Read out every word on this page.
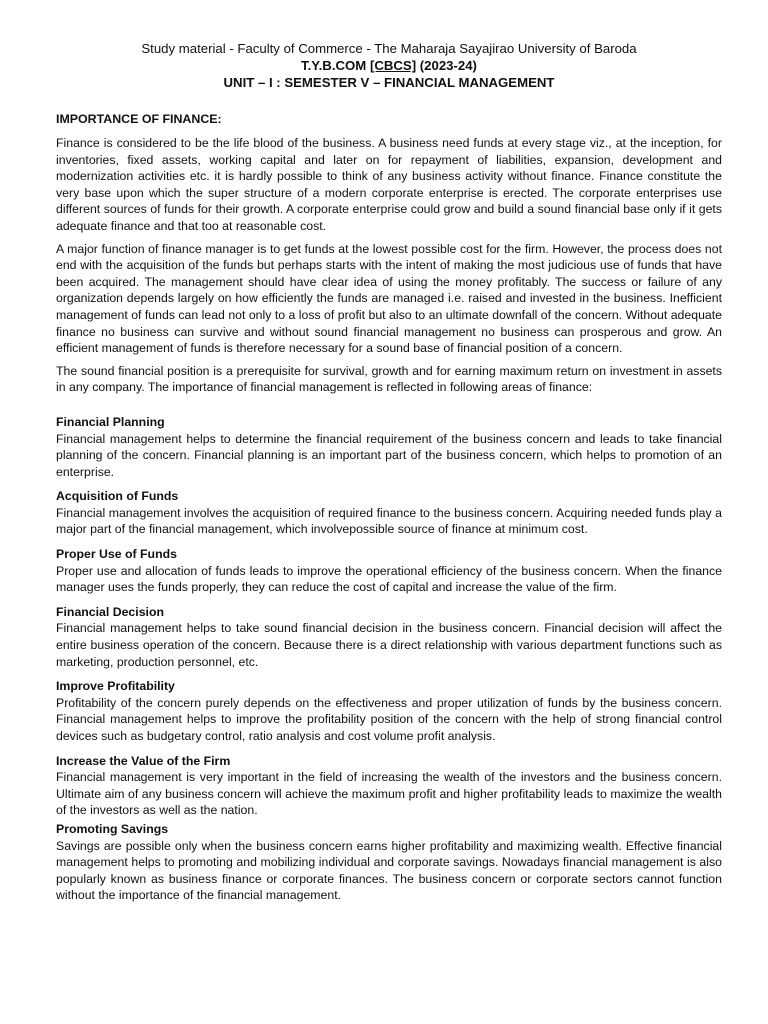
Study material - Faculty of Commerce - The Maharaja Sayajirao University of Baroda
T.Y.B.COM [CBCS] (2023-24)
UNIT – I : SEMESTER V – FINANCIAL MANAGEMENT
IMPORTANCE OF FINANCE:

Finance is considered to be the life blood of the business. A business need funds at every stage viz., at the inception, for inventories, fixed assets, working capital and later on for repayment of liabilities, expansion, development and modernization activities etc. it is hardly possible to think of any business activity without finance. Finance constitute the very base upon which the super structure of a modern corporate enterprise is erected. The corporate enterprises use different sources of funds for their growth. A corporate enterprise could grow and build a sound financial base only if it gets adequate finance and that too at reasonable cost.

A major function of finance manager is to get funds at the lowest possible cost for the firm. However, the process does not end with the acquisition of the funds but perhaps starts with the intent of making the most judicious use of funds that have been acquired. The management should have clear idea of using the money profitably. The success or failure of any organization depends largely on how efficiently the funds are managed i.e. raised and invested in the business. Inefficient management of funds can lead not only to a loss of profit but also to an ultimate downfall of the concern. Without adequate finance no business can survive and without sound financial management no business can prosperous and grow. An efficient management of funds is therefore necessary for a sound base of financial position of a concern.

The sound financial position is a prerequisite for survival, growth and for earning maximum return on investment in assets in any company. The importance of financial management is reflected in following areas of finance:

Financial Planning

Financial management helps to determine the financial requirement of the business concern and leads to take financial planning of the concern. Financial planning is an important part of the business concern, which helps to promotion of an enterprise.

Acquisition of Funds

Financial management involves the acquisition of required finance to the business concern. Acquiring needed funds play a major part of the financial management, which involvepossible source of finance at minimum cost.

Proper Use of Funds

Proper use and allocation of funds leads to improve the operational efficiency of the business concern. When the finance manager uses the funds properly, they can reduce the cost of capital and increase the value of the firm.

Financial Decision

Financial management helps to take sound financial decision in the business concern. Financial decision will affect the entire business operation of the concern. Because there is a direct relationship with various department functions such as marketing, production personnel, etc.

Improve Profitability

Profitability of the concern purely depends on the effectiveness and proper utilization of funds by the business concern. Financial management helps to improve the profitability position of the concern with the help of strong financial control devices such as budgetary control, ratio analysis and cost volume profit analysis.

Increase the Value of the Firm

Financial management is very important in the field of increasing the wealth of the investors and the business concern. Ultimate aim of any business concern will achieve the maximum profit and higher profitability leads to maximize the wealth of the investors as well as the nation.

Promoting Savings

Savings are possible only when the business concern earns higher profitability and maximizing wealth. Effective financial management helps to promoting and mobilizing individual and corporate savings. Nowadays financial management is also popularly known as business finance or corporate finances. The business concern or corporate sectors cannot function without the importance of the financial management.
